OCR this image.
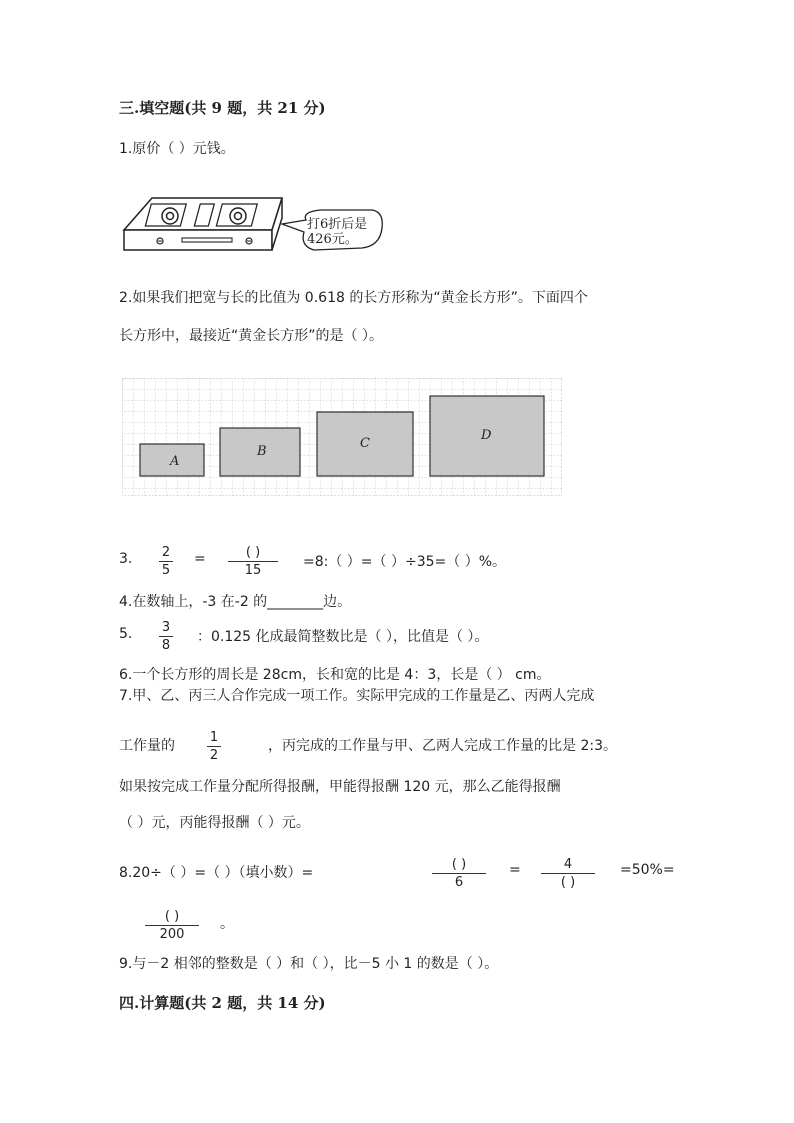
三.填空题(共 9 题，共 21 分)
1.原价（ ）元钱。
打6折后是
426元。
2.如果我们把宽与长的比值为 0.618 的长方形称为“黄金长方形”。下面四个
长方形中，最接近“黄金长方形”的是（ ）。
A
B
C
D
3. 2
5
=	( )
15
=8:（ ）=（ ）÷35=（ ）%。
4.在数轴上，-3 在-2 的________边。
5. 3
8
：0.125 化成最简整数比是（ ），比值是（ ）。
6.一个长方形的周长是 28cm，长和宽的比是 4：3，长是（ ） cm。
7.甲、乙、丙三人合作完成一项工作。实际甲完成的工作量是乙、丙两人完成
工作量的
1
2
，丙完成的工作量与甲、乙两人完成工作量的比是 2:3。
如果按完成工作量分配所得报酬，甲能得报酬 120 元，那么乙能得报酬
（ ）元，丙能得报酬（ ）元。
8.20÷（ ）=（ ）（填小数）=
( )
6
=	4
( )
=50%=
( )
200
。
9.与－2 相邻的整数是（ ）和（ ），比－5 小 1 的数是（ ）。
四.计算题(共 2 题，共 14 分)
